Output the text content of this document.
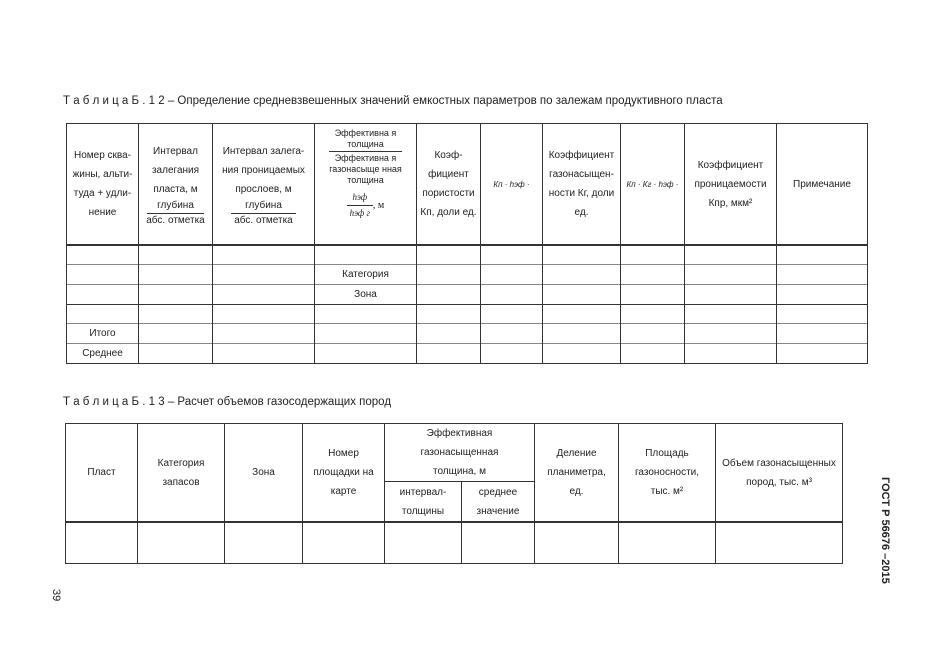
Т а б л и ц а Б . 1 2 – Определение средневзвешенных значений емкостных параметров по залежам продуктивного пласта
Номер сква-жины, альти-туда + удли-нение
Интервал залегания пласта, м
глубина
абс. отметка
Интервал залега-ния проницаемых прослоев, м
глубина
абс. отметка
Эффективна я толщина
Эффективна я газонасыще нная толщина
hэф
hэф г
, м
Коэф-фициент пористости Кп, доли ед.
Кп · hэф ·
Коэффициент газонасыщен-ности Кг, доли ед.
Кп · Кг · hэф ·
Коэффициент проницаемости Кпр, мкм²
Примечание
Категория
Зона
Итого
Среднее
Т а б л и ц а Б . 1 3 – Расчет объемов газосодержащих пород
Пласт
Категория запасов
Зона
Номер площадки на карте
Эффективная газонасыщенная толщина, м
интервал-толщины
среднее значение
Деление планиметра, ед.
Площадь газоносности, тыс. м²
Объем газонасыщенных пород, тыс. м³	ГОСТ Р 56676 –2015
39
